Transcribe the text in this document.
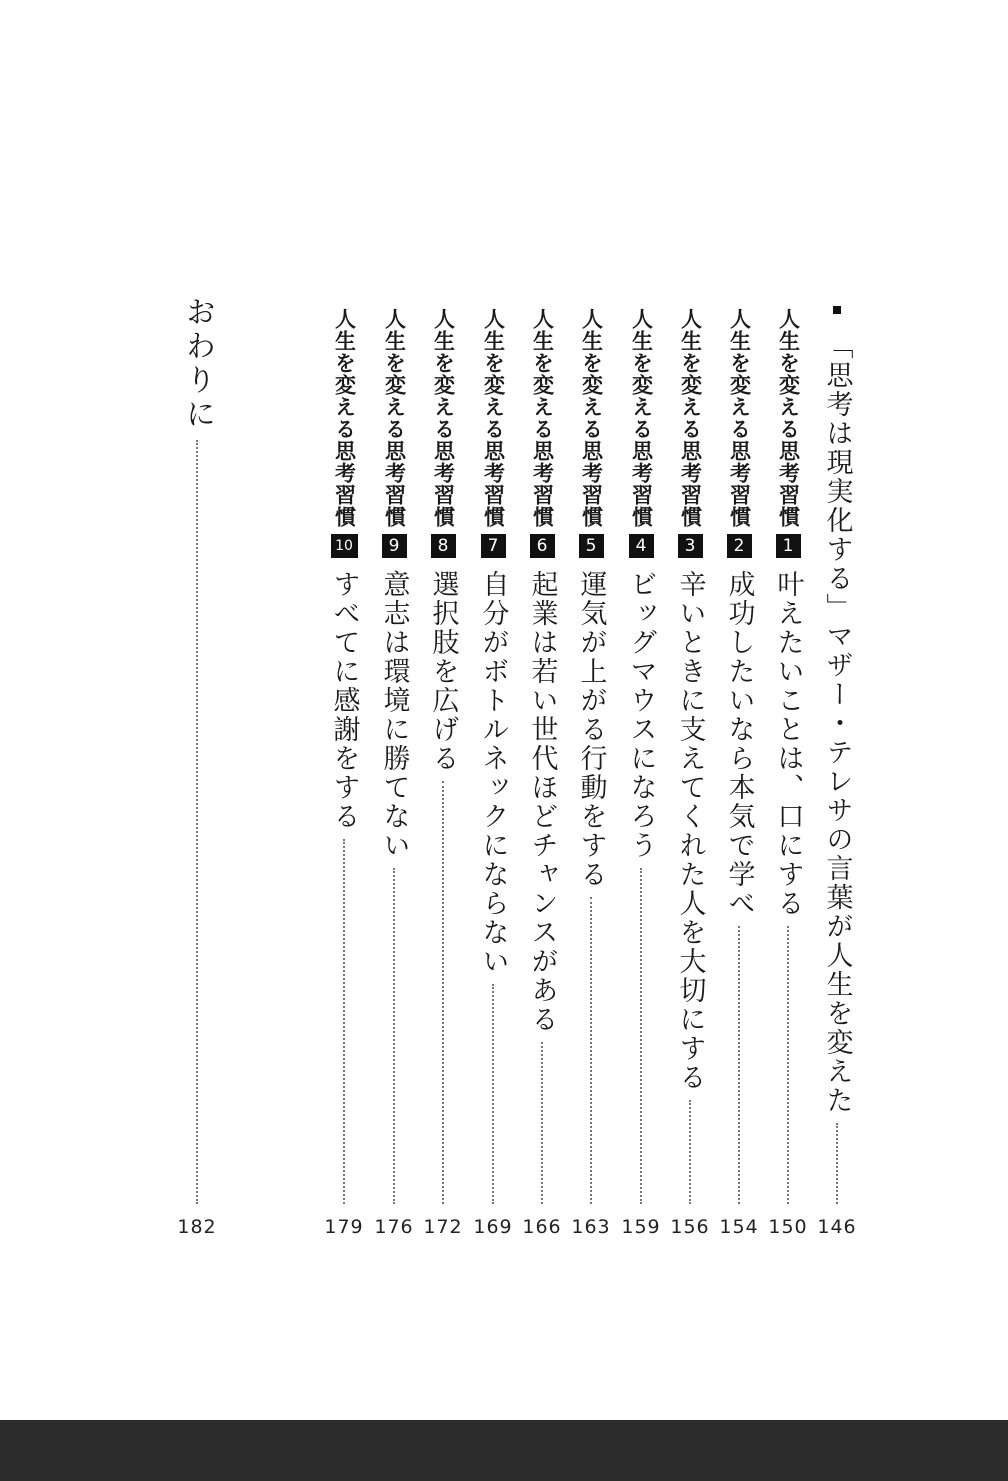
「思考は現実化する」マザー・テレサの言葉が人生を変えた
146
人生を変える思考習慣
1
叶えたいことは、口にする
150
人生を変える思考習慣
2
成功したいなら本気で学べ
154
人生を変える思考習慣
3
辛いときに支えてくれた人を大切にする
156
人生を変える思考習慣
4
ビッグマウスになろう
159
人生を変える思考習慣
5
運気が上がる行動をする
163
人生を変える思考習慣
6
起業は若い世代ほどチャンスがある
166
人生を変える思考習慣
7
自分がボトルネックにならない
169
人生を変える思考習慣
8
選択肢を広げる
172
人生を変える思考習慣
9
意志は環境に勝てない
176
人生を変える思考習慣
10
すべてに感謝をする
179
おわりに
182
